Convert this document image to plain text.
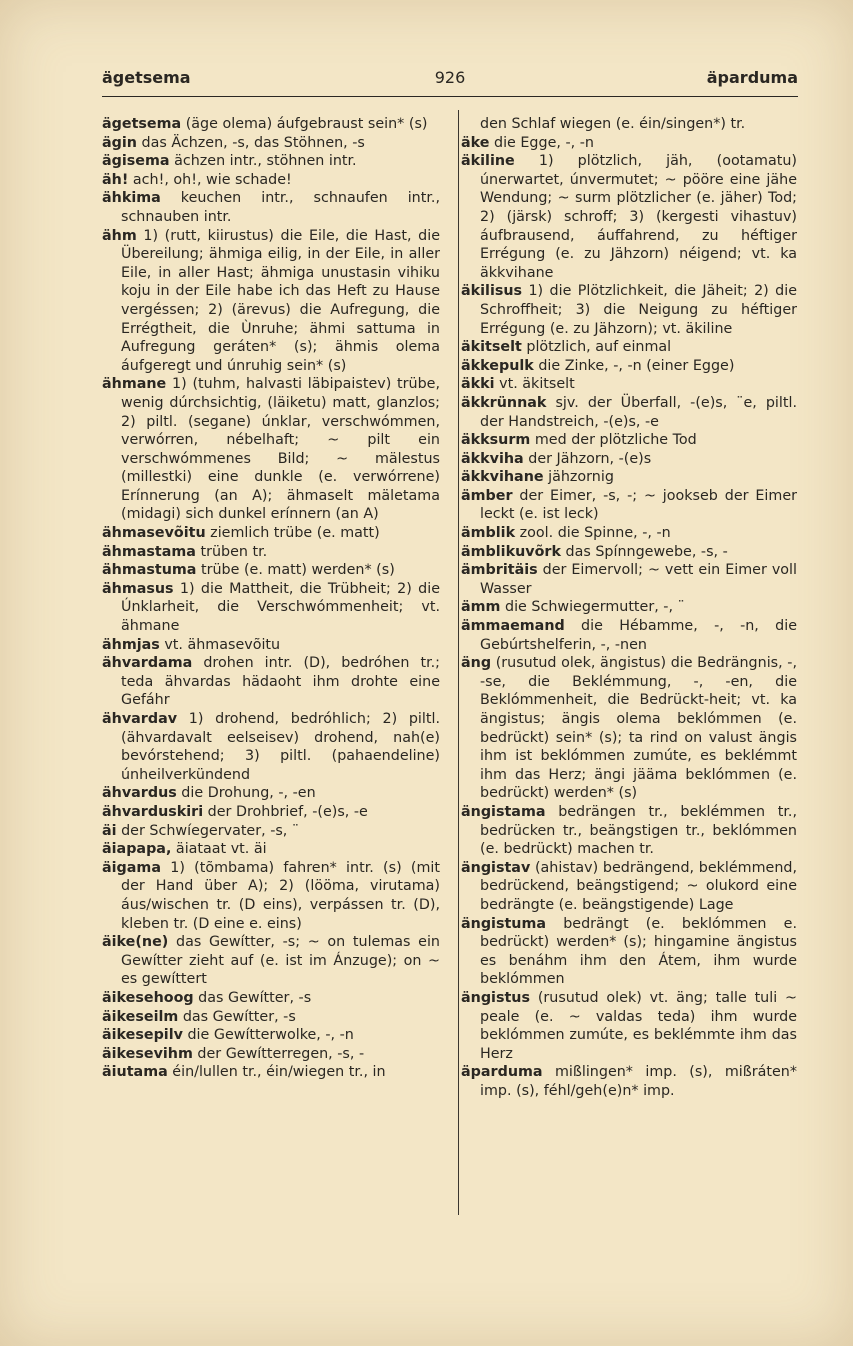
ägetsema	926	äparduma

ägetsema (äge olema) áufgebraust sein* (s)

ägin das Ächzen, -s, das Stöhnen, -s

ägisema ächzen intr., stöhnen intr.

äh! ach!, oh!, wie schade!

ähkima keuchen intr., schnaufen intr., schnauben intr.

ähm 1) (rutt, kiirustus) die Eile, die Hast, die Übereilung; ähmiga eilig, in der Eile, in aller Eile, in aller Hast; ähmiga unustasin vihiku koju in der Eile habe ich das Heft zu Hause vergéssen; 2) (ärevus) die Aufregung, die Errégtheit, die Ùnruhe; ähmi sattuma in Aufregung geráten* (s); ähmis olema áufgeregt und únruhig sein* (s)

ähmane 1) (tuhm, halvasti läbipaistev) trübe, wenig dúrchsichtig, (läiketu) matt, glanzlos; 2) piltl. (segane) únklar, verschwómmen, verwórren, nébelhaft; ~ pilt ein verschwómmenes Bild; ~ mälestus (millestki) eine dunkle (e. verwórrene) Erínnerung (an A); ähmaselt mäletama (midagi) sich dunkel erínnern (an A)

ähmasevõitu ziemlich trübe (e. matt)

ähmastama trüben tr.

ähmastuma trübe (e. matt) werden* (s)

ähmasus 1) die Mattheit, die Trübheit; 2) die Únklarheit, die Verschwómmenheit; vt. ähmane

ähmjas vt. ähmasevõitu

ähvardama drohen intr. (D), bedróhen tr.; teda ähvardas hädaoht ihm drohte eine Gefáhr

ähvardav 1) drohend, bedróhlich; 2) piltl. (ähvardavalt eelseisev) drohend, nah(e) bevórstehend; 3) piltl. (pahaendeline) únheilverkündend

ähvardus die Drohung, -, -en

ähvarduskiri der Drohbrief, -(e)s, -e

äi der Schwíegervater, -s, ¨

äiapapa, äiataat vt. äi

äigama 1) (tõmbama) fahren* intr. (s) (mit der Hand über A); 2) (lööma, virutama) áus/wischen tr. (D eins), verpássen tr. (D), kleben tr. (D eine e. eins)

äike(ne) das Gewítter, -s; ~ on tulemas ein Gewítter zieht auf (e. ist im Ánzuge); on ~ es gewíttert

äikesehoog das Gewítter, -s

äikeseilm das Gewítter, -s

äikesepilv die Gewítterwolke, -, -n

äikesevihm der Gewítterregen, -s, -

äiutama éin/lullen tr., éin/wiegen tr., in

den Schlaf wiegen (e. éin/singen*) tr.

äke die Egge, -, -n

äkiline 1) plötzlich, jäh, (ootamatu) únerwartet, únvermutet; ~ pööre eine jähe Wendung; ~ surm plötzlicher (e. jäher) Tod; 2) (järsk) schroff; 3) (kergesti vihastuv) áufbrausend, áuffahrend, zu héftiger Errégung (e. zu Jähzorn) néigend; vt. ka äkkvihane

äkilisus 1) die Plötzlichkeit, die Jäheit; 2) die Schroffheit; 3) die Neigung zu héftiger Errégung (e. zu Jähzorn); vt. äkiline

äkitselt plötzlich, auf einmal

äkkepulk die Zinke, -, -n (einer Egge)

äkki vt. äkitselt

äkkrünnak sjv. der Überfall, -(e)s, ¨e, piltl. der Handstreich, -(e)s, -e

äkksurm med der plötzliche Tod

äkkviha der Jähzorn, -(e)s

äkkvihane jähzornig

ämber der Eimer, -s, -; ~ jookseb der Eimer leckt (e. ist leck)

ämblik zool. die Spinne, -, -n

ämblikuvõrk das Spínngewebe, -s, -

ämbritäis der Eimervoll; ~ vett ein Eimer voll Wasser

ämm die Schwiegermutter, -, ¨

ämmaemand die Hébamme, -, -n, die Gebúrtshelferin, -, -nen

äng (rusutud olek, ängistus) die Bedrängnis, -, -se, die Beklémmung, -, -en, die Beklómmenheit, die Bedrückt-heit; vt. ka ängistus; ängis olema beklómmen (e. bedrückt) sein* (s); ta rind on valust ängis ihm ist beklómmen zumúte, es beklémmt ihm das Herz; ängi jääma beklómmen (e. bedrückt) werden* (s)

ängistama bedrängen tr., beklémmen tr., bedrücken tr., beängstigen tr., beklómmen (e. bedrückt) machen tr.

ängistav (ahistav) bedrängend, beklémmend, bedrückend, beängstigend; ~ olukord eine bedrängte (e. beängstigende) Lage

ängistuma bedrängt (e. beklómmen e. bedrückt) werden* (s); hingamine ängistus es benáhm ihm den Átem, ihm wurde beklómmen

ängistus (rusutud olek) vt. äng; talle tuli ~ peale (e. ~ valdas teda) ihm wurde beklómmen zumúte, es beklémmte ihm das Herz

äparduma mißlingen* imp. (s), mißráten* imp. (s), féhl/geh(e)n* imp.
